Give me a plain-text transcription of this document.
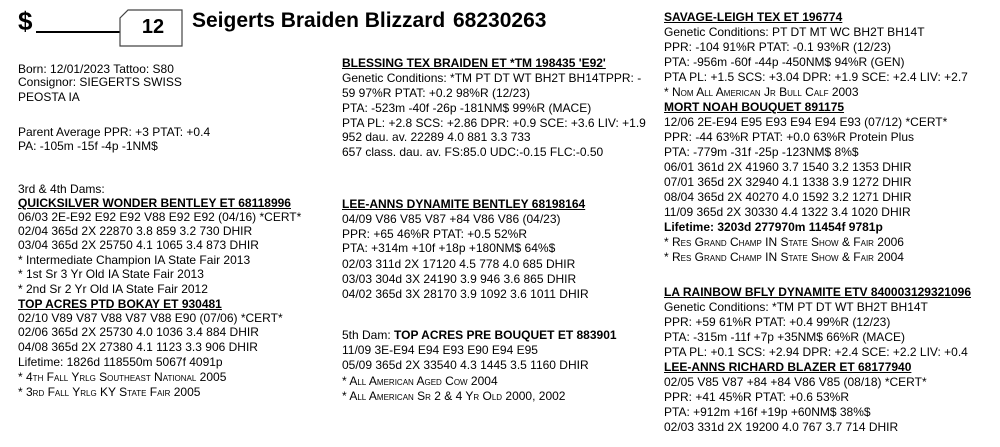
$	12	Seigerts Braiden Blizzard 68230263
Born: 12/01/2023 Tattoo: S80
Consignor: SIEGERTS SWISS
PEOSTA IA
Parent Average PPR: +3 PTAT: +0.4
PA: -105m -15f -4p -1NM$
3rd & 4th Dams:
QUICKSILVER WONDER BENTLEY ET 68118996
06/03 2E-E92 E92 E92 V88 E92 E92 (04/16) *CERT*
02/04 365d 2X 22870 3.8 859 3.2 730 DHIR
03/04 365d 2X 25750 4.1 1065 3.4 873 DHIR
* Intermediate Champion IA State Fair 2013
* 1st Sr 3 Yr Old IA State Fair 2013
* 2nd Sr 2 Yr Old IA State Fair 2012
TOP ACRES PTD BOKAY ET 930481
02/10 V89 V87 V88 V87 V88 E90 (07/06) *CERT*
02/06 365d 2X 25730 4.0 1036 3.4 884 DHIR
04/08 365d 2X 27380 4.1 1123 3.3 906 DHIR
Lifetime: 1826d 118550m 5067f 4091p
* 4th Fall Yrlg Southeast National 2005
* 3rd Fall Yrlg KY State Fair 2005
BLESSING TEX BRAIDEN ET *TM 198435 'E92'
Genetic Conditions: *TM PT DT WT BH2T BH14TPPR: -
59 97%R PTAT: +0.2 98%R (12/23)
PTA: -523m -40f -26p -181NM$ 99%R (MACE)
PTA PL: +2.8 SCS: +2.86 DPR: +0.9 SCE: +3.6 LIV: +1.9
952 dau. av. 22289 4.0 881 3.3 733
657 class. dau. av. FS:85.0 UDC:-0.15 FLC:-0.50
LEE-ANNS DYNAMITE BENTLEY 68198164
04/09 V86 V85 V87 +84 V86 V86 (04/23)
PPR: +65 46%R PTAT: +0.5 52%R
PTA: +314m +10f +18p +180NM$ 64%$
02/03 311d 2X 17120 4.5 778 4.0 685 DHIR
03/03 304d 3X 24190 3.9 946 3.6 865 DHIR
04/02 365d 3X 28170 3.9 1092 3.6 1011 DHIR
5th Dam: TOP ACRES PRE BOUQUET ET 883901
11/09 3E-E94 E94 E93 E90 E94 E95
05/09 365d 2X 33540 4.3 1445 3.5 1160 DHIR
* All American Aged Cow 2004
* All American Sr 2 & 4 Yr Old 2000, 2002
SAVAGE-LEIGH TEX ET 196774
Genetic Conditions: PT DT MT WC BH2T BH14T
PPR: -104 91%R PTAT: -0.1 93%R (12/23)
PTA: -956m -60f -44p -450NM$ 94%R (GEN)
PTA PL: +1.5 SCS: +3.04 DPR: +1.9 SCE: +2.4 LIV: +2.7
* Nom All American Jr Bull Calf 2003
MORT NOAH BOUQUET 891175
12/06 2E-E94 E95 E93 E94 E94 E93 (07/12) *CERT*
PPR: -44 63%R PTAT: +0.0 63%R Protein Plus
PTA: -779m -31f -25p -123NM$ 8%$
06/01 361d 2X 41960 3.7 1540 3.2 1353 DHIR
07/01 365d 2X 32940 4.1 1338 3.9 1272 DHIR
08/04 365d 2X 40270 4.0 1592 3.2 1271 DHIR
11/09 365d 2X 30330 4.4 1322 3.4 1020 DHIR
Lifetime: 3203d 277970m 11454f 9781p
* Res Grand Champ IN State Show & Fair 2006
* Res Grand Champ IN State Show & Fair 2004
LA RAINBOW BFLY DYNAMITE ETV 840003129321096
Genetic Conditions: *TM PT DT WT BH2T BH14T
PPR: +59 61%R PTAT: +0.4 99%R (12/23)
PTA: -315m -11f +7p +35NM$ 66%R (MACE)
PTA PL: +0.1 SCS: +2.94 DPR: +2.4 SCE: +2.2 LIV: +0.4
LEE-ANNS RICHARD BLAZER ET 68177940
02/05 V85 V87 +84 +84 V86 V85 (08/18) *CERT*
PPR: +41 45%R PTAT: +0.6 53%R
PTA: +912m +16f +19p +60NM$ 38%$
02/03 331d 2X 19200 4.0 767 3.7 714 DHIR
